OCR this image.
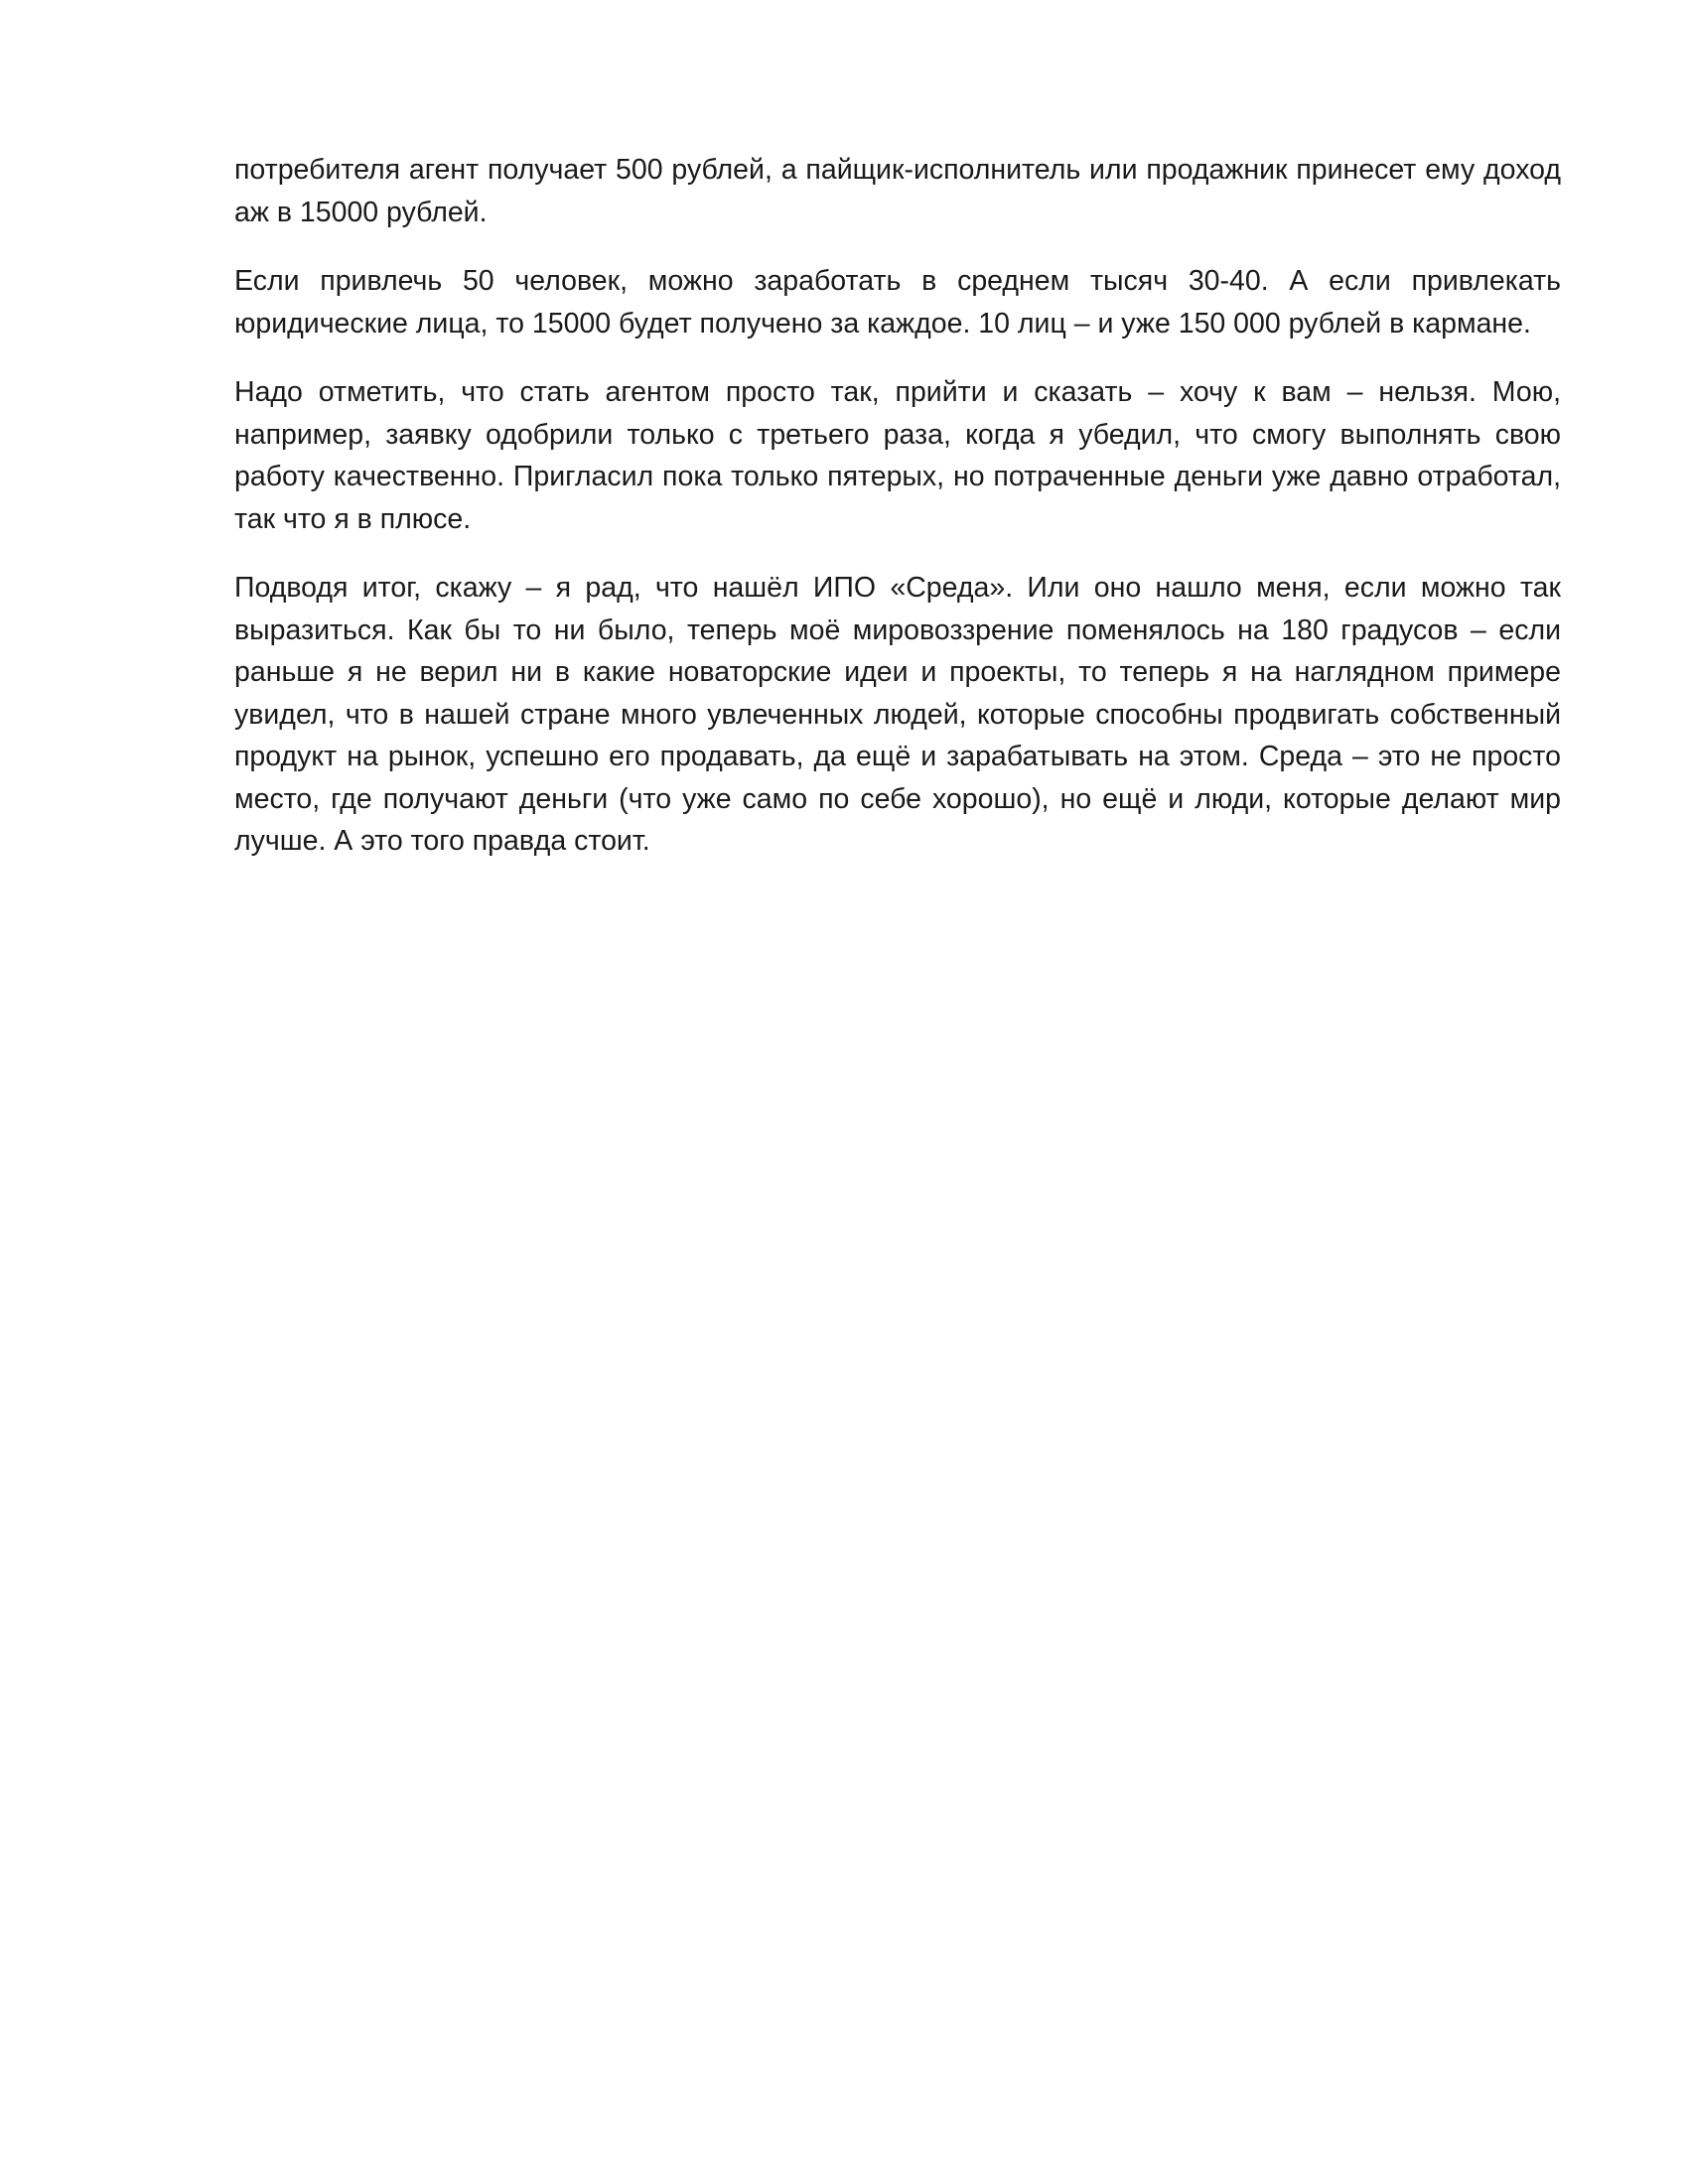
потребителя агент получает 500 рублей, а пайщик-исполнитель или продажник принесет ему доход аж в 15000 рублей.

Если привлечь 50 человек, можно заработать в среднем тысяч 30-40. А если привлекать юридические лица, то 15000 будет получено за каждое. 10 лиц – и уже 150 000 рублей в кармане.

Надо отметить, что стать агентом просто так, прийти и сказать – хочу к вам – нельзя. Мою, например, заявку одобрили только с третьего раза, когда я убедил, что смогу выполнять свою работу качественно. Пригласил пока только пятерых, но потраченные деньги уже давно отработал, так что я в плюсе.

Подводя итог, скажу – я рад, что нашёл ИПО «Среда». Или оно нашло меня, если можно так выразиться. Как бы то ни было, теперь моё мировоззрение поменялось на 180 градусов – если раньше я не верил ни в какие новаторские идеи и проекты, то теперь я на наглядном примере увидел, что в нашей стране много увлеченных людей, которые способны продвигать собственный продукт на рынок, успешно его продавать, да ещё и зарабатывать на этом. Среда – это не просто место, где получают деньги (что уже само по себе хорошо), но ещё и люди, которые делают мир лучше. А это того правда стоит.
